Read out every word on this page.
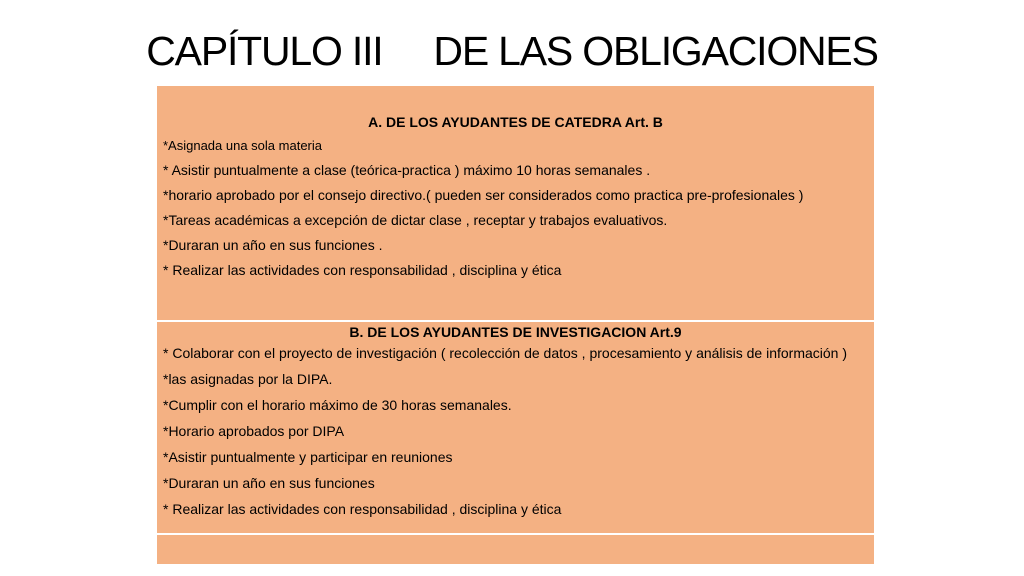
CAPÍTULO III     DE LAS OBLIGACIONES

A. DE LOS AYUDANTES DE CATEDRA Art. B

*Asignada una sola materia

* Asistir puntualmente a clase (teórica-practica ) máximo 10 horas semanales .

*horario aprobado por el consejo directivo.( pueden ser considerados como practica pre-profesionales )

*Tareas académicas a excepción de dictar clase , receptar y trabajos evaluativos.

*Duraran un año en sus funciones .

* Realizar las actividades con responsabilidad , disciplina y ética

B. DE LOS AYUDANTES DE INVESTIGACION Art.9

* Colaborar con el proyecto de investigación ( recolección de datos , procesamiento y análisis de información )

*las asignadas por la DIPA.

*Cumplir con el horario máximo de 30 horas semanales.

*Horario aprobados por DIPA

*Asistir puntualmente y participar en reuniones

*Duraran un año en sus funciones

* Realizar las actividades con responsabilidad , disciplina y ética
